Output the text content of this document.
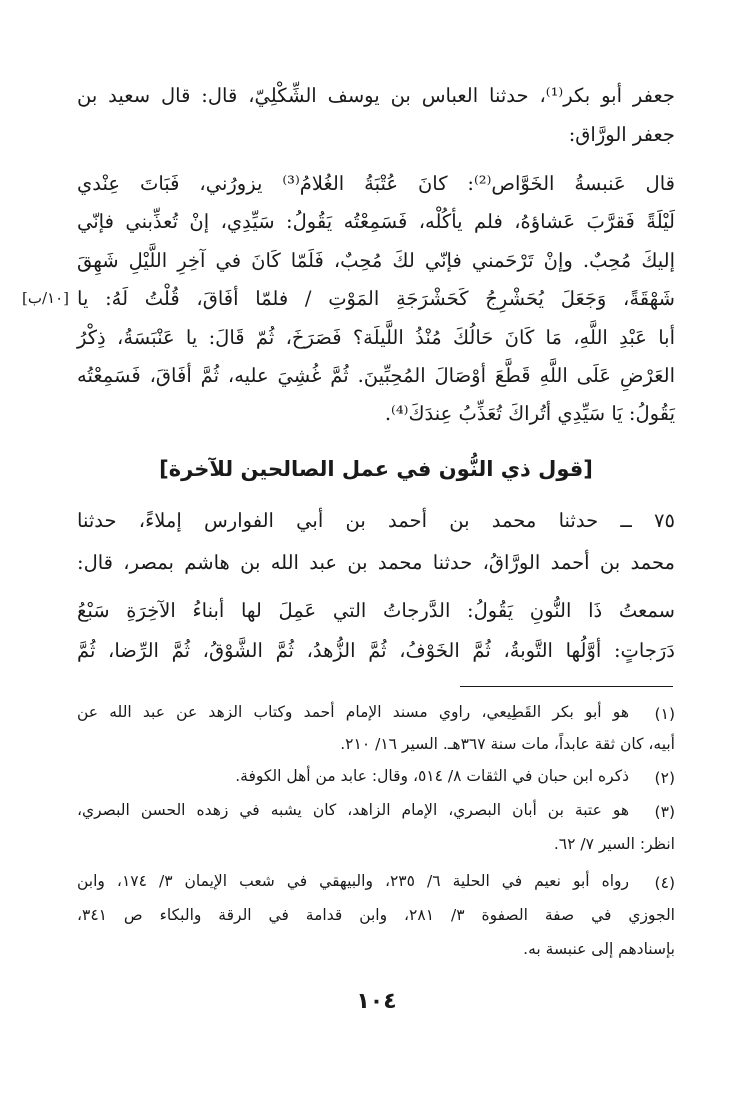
جعفر أبو بكر⁽¹⁾، حدثنا العباس بن يوسف الشِّكْلِيّ، قال: قال سعيد بن
جعفر الورَّاق:
قال عَنبسةُ الخَوَّاص⁽²⁾: كانَ عُتْبَةُ الغُلامُ⁽³⁾ يزورُني، فَبَاتَ عِنْدي
لَيْلَةً فَقرَّبَ عَشاؤهُ، فلم يأكُلْه، فَسَمِعْتُه يَقُولُ: سَيِّدِي، إنْ تُعذِّبني فإنّي
إليكَ مُحِبٌ. وإنْ تَرْحَمني فإنّي لكَ مُحِبٌ، فَلَمّا كَانَ في آخِرِ اللَّيْلِ شَهِقَ
شَهْقَةً، وَجَعَلَ يُحَشْرِجُ كَحَشْرَجَةِ المَوْتِ / فلمّا أفَاقَ، قُلْتُ لَهُ: يا
أبا عَبْدِ اللَّهِ، مَا كَانَ حَالُكَ مُنْذُ اللَّيلَة؟ فَصَرَخَ، ثُمّ قَالَ: يا عَنْبَسَةُ، ذِكْرُ
العَرْضِ عَلَى اللَّهِ قَطَّعَ أوْصَالَ المُحِبِّينَ. ثُمَّ غُشِيَ عليه، ثُمَّ أفَاقَ، فَسَمِعْتُه
يَقُولُ: يَا سَيِّدِي أتُراكَ تُعَذِّبُ عِندَكَ⁽⁴⁾.
[١٠/ب]
[قول ذي النُّون في عمل الصالحين للآخرة]
٧٥ ــ حدثنا محمد بن أحمد بن أبي الفوارس إملاءً، حدثنا
محمد بن أحمد الورَّاقُ، حدثنا محمد بن عبد الله بن هاشم بمصر، قال:
سمعتُ ذَا النُّونِ يَقُولُ: الدَّرجاتُ التي عَمِلَ لها أبناءُ الآخِرَةِ سَبْعُ
دَرَجاتٍ: أوَّلُها التَّوبةُ، ثُمَّ الخَوْفُ، ثُمَّ الزُّهدُ، ثُمَّ الشَّوْقُ، ثُمَّ الرِّضا، ثُمَّ
(١)
هو أبو بكر القَطِيعي، راوي مسند الإمام أحمد وكتاب الزهد عن عبد الله عن
أبيه، كان ثقة عابداً، مات سنة ٣٦٧هـ. السير ١٦/ ٢١٠.
(٢)
ذكره ابن حبان في الثقات ٨/ ٥١٤، وقال: عابد من أهل الكوفة.
(٣)
هو عتبة بن أبان البصري، الإمام الزاهد، كان يشبه في زهده الحسن البصري،
انظر: السير ٧/ ٦٢.
(٤)
رواه أبو نعيم في الحلية ٦/ ٢٣٥، والبيهقي في شعب الإيمان ٣/ ١٧٤، وابن
الجوزي في صفة الصفوة ٣/ ٢٨١، وابن قدامة في الرقة والبكاء ص ٣٤١،
بإسنادهم إلى عنبسة به.
١٠٤
